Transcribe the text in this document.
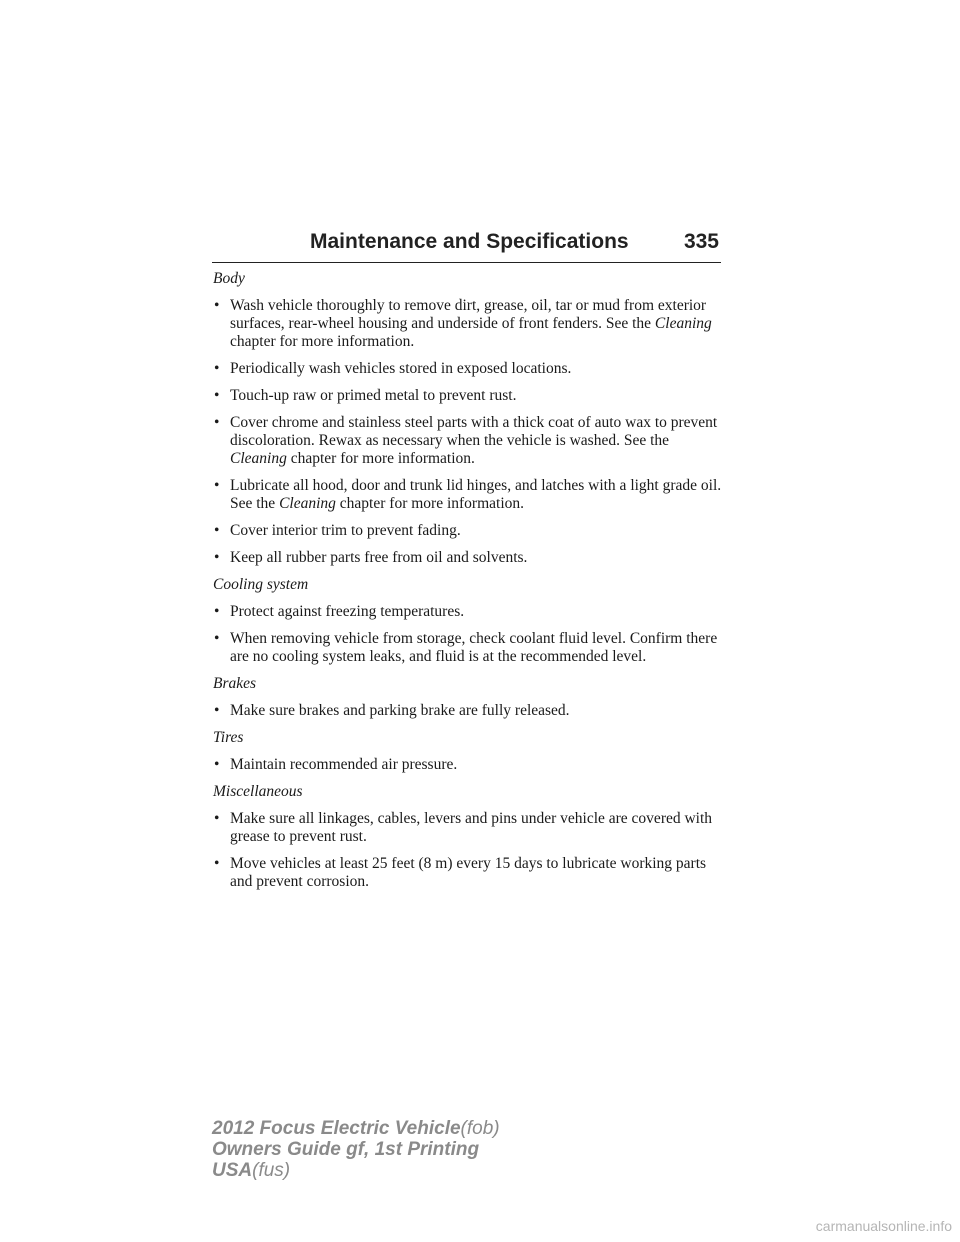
Maintenance and Specifications	335
Body
• Wash vehicle thoroughly to remove dirt, grease, oil, tar or mud from exterior surfaces, rear-wheel housing and underside of front fenders. See the Cleaning chapter for more information.
• Periodically wash vehicles stored in exposed locations.
• Touch-up raw or primed metal to prevent rust.
• Cover chrome and stainless steel parts with a thick coat of auto wax to prevent discoloration. Rewax as necessary when the vehicle is washed. See the Cleaning chapter for more information.
• Lubricate all hood, door and trunk lid hinges, and latches with a light grade oil. See the Cleaning chapter for more information.
• Cover interior trim to prevent fading.
• Keep all rubber parts free from oil and solvents.
Cooling system
• Protect against freezing temperatures.
• When removing vehicle from storage, check coolant fluid level. Confirm there are no cooling system leaks, and fluid is at the recommended level.
Brakes
• Make sure brakes and parking brake are fully released.
Tires
• Maintain recommended air pressure.
Miscellaneous
• Make sure all linkages, cables, levers and pins under vehicle are covered with grease to prevent rust.
• Move vehicles at least 25 feet (8 m) every 15 days to lubricate working parts and prevent corrosion.
2012 Focus Electric Vehicle(fob)
Owners Guide gf, 1st Printing
USA(fus)
carmanualsonline.info
